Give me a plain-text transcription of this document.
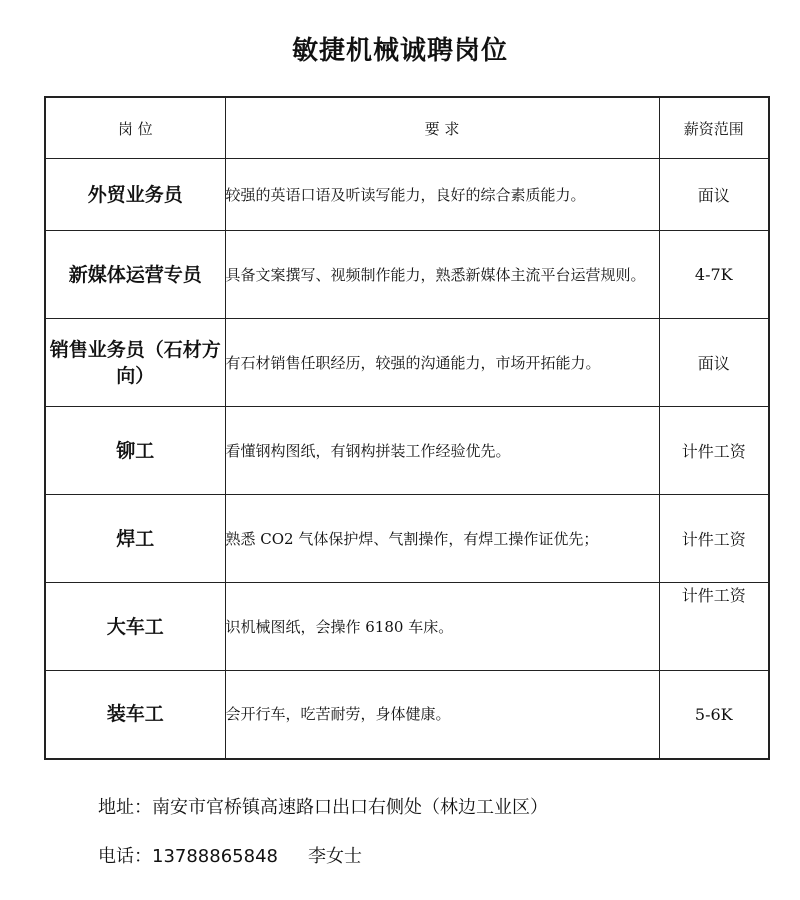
敏捷机械诚聘岗位
岗 位	要 求	薪资范围
外贸业务员	较强的英语口语及听读写能力，良好的综合素质能力。	面议
新媒体运营专员	具备文案撰写、视频制作能力，熟悉新媒体主流平台运营规则。	4-7K
销售业务员（石材方向）	有石材销售任职经历，较强的沟通能力，市场开拓能力。	面议
铆工	看懂钢构图纸，有钢构拼装工作经验优先。	计件工资
焊工	熟悉 CO2 气体保护焊、气割操作，有焊工操作证优先；	计件工资
大车工	识机械图纸，会操作 6180 车床。	计件工资
装车工	会开行车，吃苦耐劳，身体健康。	5-6K
地址：南安市官桥镇高速路口出口右侧处（林边工业区）
电话：13788865848 李女士
